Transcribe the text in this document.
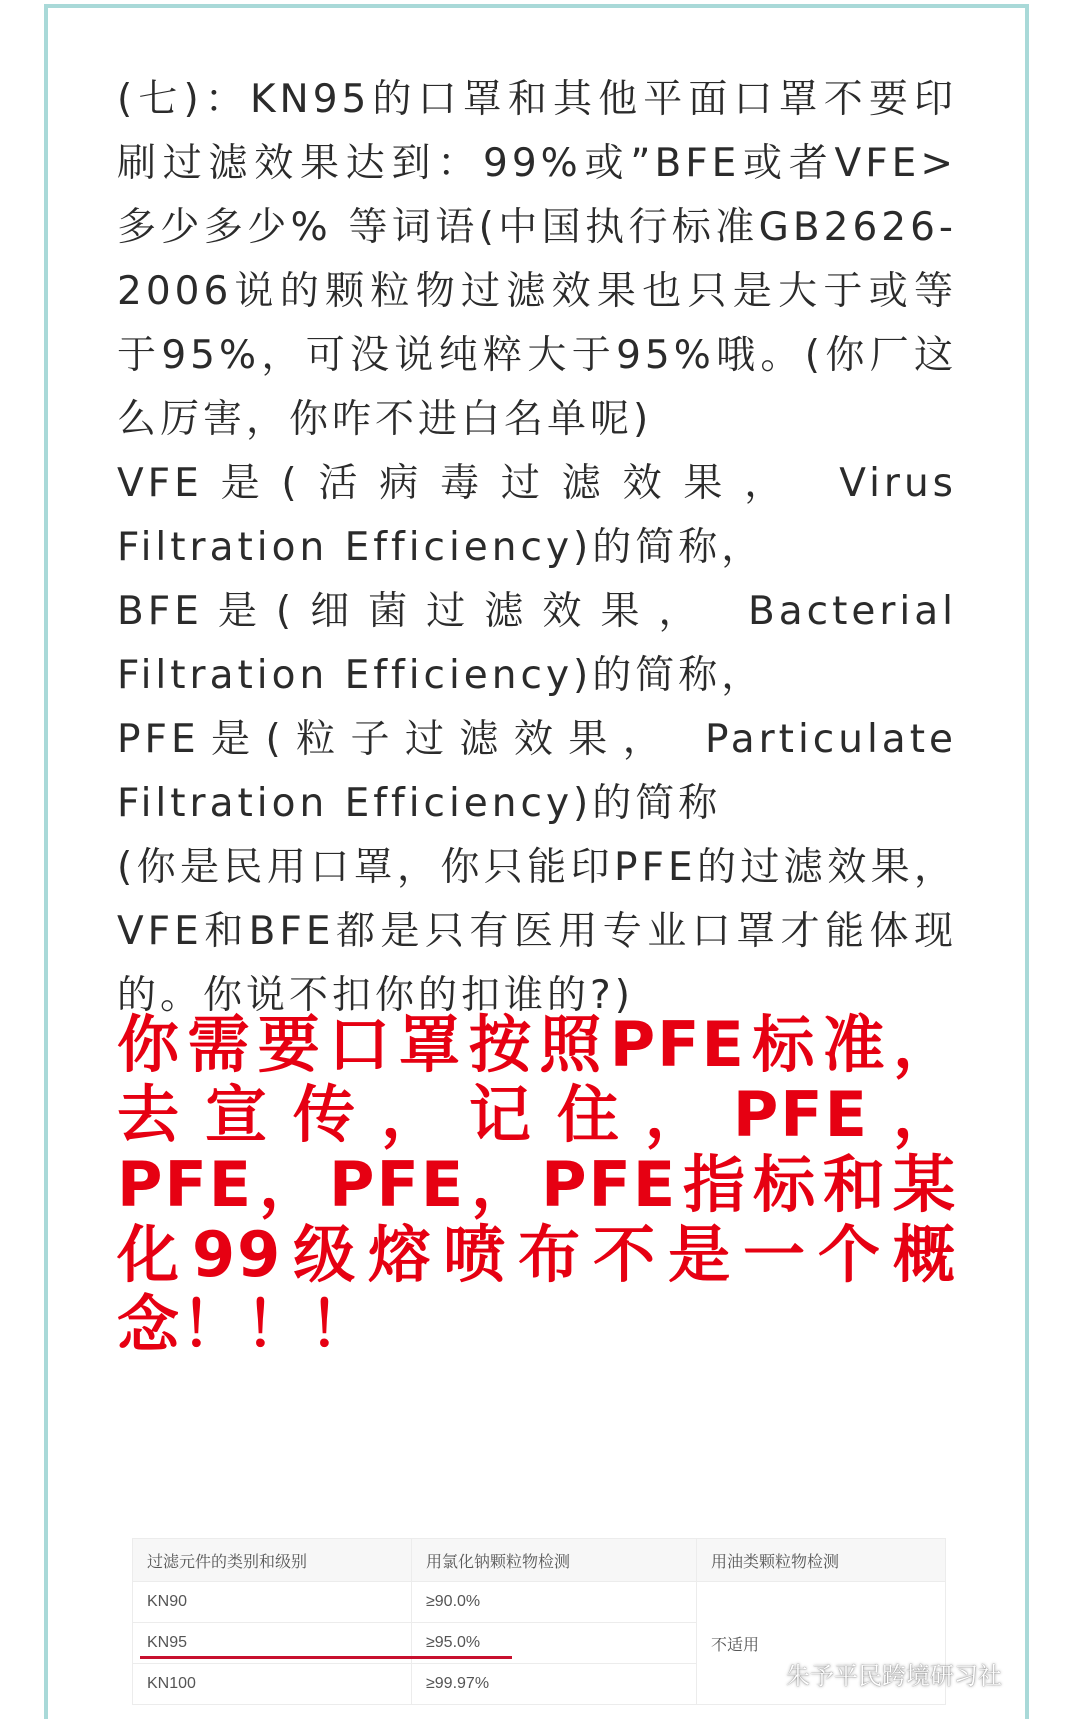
(七)：KN95的口罩和其他平面口罩不要印刷过滤效果达到：99%或”BFE或者VFE>多少多少% 等词语(中国执行标准GB2626-2006说的颗粒物过滤效果也只是大于或等于95%，可没说纯粹大于95%哦。(你厂这么厉害，你咋不进白名单呢)

VFE是(活病毒过滤效果， Virus Filtration Efficiency)的简称，

BFE是(细菌过滤效果， Bacterial Filtration Efficiency)的简称，

PFE是(粒子过滤效果， Particulate Filtration Efficiency)的简称

(你是民用口罩，你只能印PFE的过滤效果， VFE和BFE都是只有医用专业口罩才能体现的。你说不扣你的扣谁的?)

你需要口罩按照PFE标准，去宣传，记住，PFE，PFE，PFE，PFE指标和某化99级熔喷布不是一个概念！！！

过滤元件的类别和级别	用氯化钠颗粒物检测	用油类颗粒物检测
KN90	≥90.0%	不适用
KN95	≥95.0%	
KN100	≥99.97%		朱予平民跨境研习社
